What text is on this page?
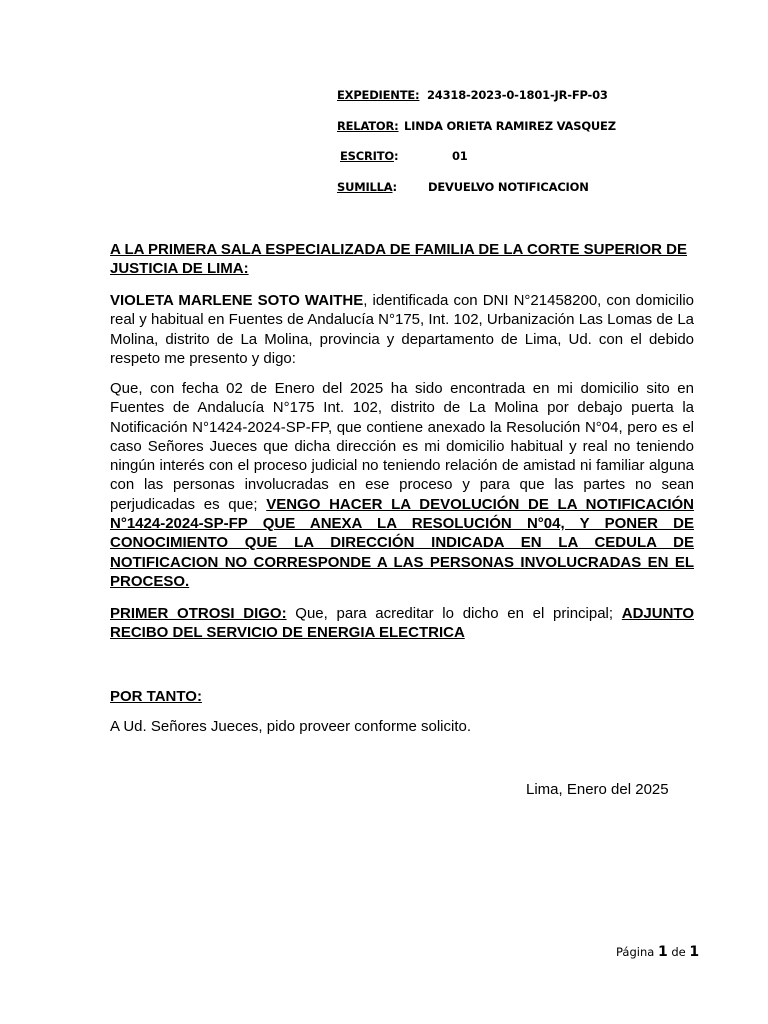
EXPEDIENTE: 24318-2023-0-1801-JR-FP-03
RELATOR: LINDA ORIETA RAMIREZ VASQUEZ
ESCRITO:	01
SUMILLA:	DEVUELVO NOTIFICACION
A LA PRIMERA SALA ESPECIALIZADA DE FAMILIA DE LA CORTE SUPERIOR DE JUSTICIA DE LIMA:
VIOLETA MARLENE SOTO WAITHE, identificada con DNI N°21458200, con domicilio real y habitual en Fuentes de Andalucía N°175, Int. 102, Urbanización Las Lomas de La Molina, distrito de La Molina, provincia y departamento de Lima, Ud. con el debido respeto me presento y digo:
Que, con fecha 02 de Enero del 2025 ha sido encontrada en mi domicilio sito en Fuentes de Andalucía N°175 Int. 102, distrito de La Molina por debajo puerta la Notificación N°1424-2024-SP-FP, que contiene anexado la Resolución N°04, pero es el caso Señores Jueces que dicha dirección es mi domicilio habitual y real no teniendo ningún interés con el proceso judicial no teniendo relación de amistad ni familiar alguna con las personas involucradas en ese proceso y para que las partes no sean perjudicadas es que; VENGO HACER LA DEVOLUCIÓN DE LA NOTIFICACIÓN N°1424-2024-SP-FP QUE ANEXA LA RESOLUCIÓN N°04, Y PONER DE CONOCIMIENTO QUE LA DIRECCIÓN INDICADA EN LA CEDULA DE NOTIFICACION NO CORRESPONDE A LAS PERSONAS INVOLUCRADAS EN EL PROCESO.
PRIMER OTROSI DIGO: Que, para acreditar lo dicho en el principal; ADJUNTO RECIBO DEL SERVICIO DE ENERGIA ELECTRICA
POR TANTO:
A Ud. Señores Jueces, pido proveer conforme solicito.
Lima, Enero del 2025
Página 1 de 1
